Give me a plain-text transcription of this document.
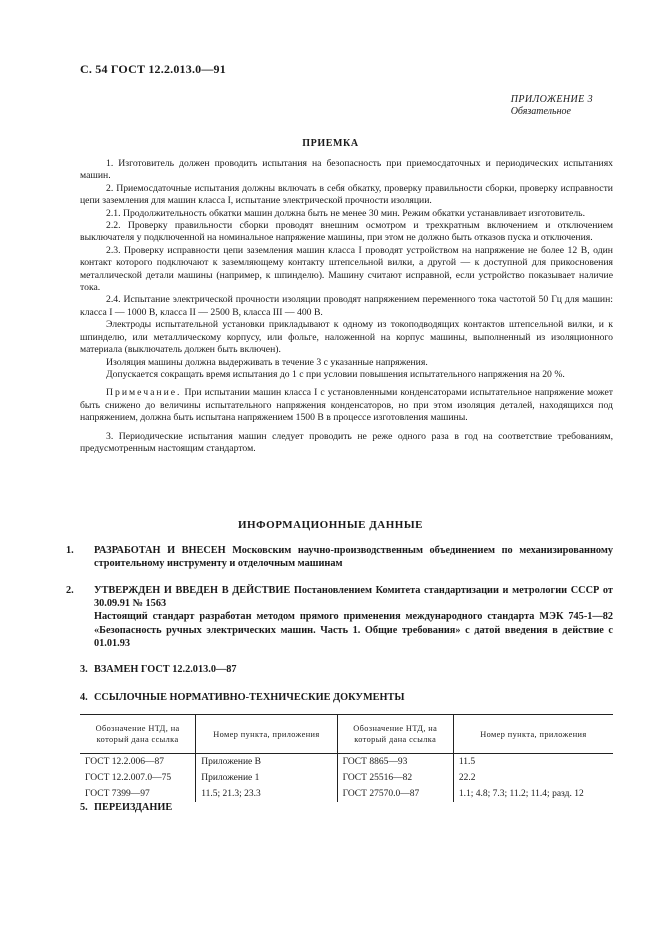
С. 54 ГОСТ 12.2.013.0—91
ПРИЛОЖЕНИЕ 3
Обязательное
ПРИЕМКА

1. Изготовитель должен проводить испытания на безопасность при приемосдаточных и периодических испытаниях машин.

2. Приемосдаточные испытания должны включать в себя обкатку, проверку правильности сборки, проверку исправности цепи заземления для машин класса I, испытание электрической прочности изоляции.

2.1. Продолжительность обкатки машин должна быть не менее 30 мин. Режим обкатки устанавливает изготовитель.

2.2. Проверку правильности сборки проводят внешним осмотром и трехкратным включением и отключением выключателя у подключенной на номинальное напряжение машины, при этом не должно быть отказов пуска и отключения.

2.3. Проверку исправности цепи заземления машин класса I проводят устройством на напряжение не более 12 В, один контакт которого подключают к заземляющему контакту штепсельной вилки, а другой — к доступной для прикосновения металлической детали машины (например, к шпинделю). Машину считают исправной, если устройство показывает наличие тока.

2.4. Испытание электрической прочности изоляции проводят напряжением переменного тока частотой 50 Гц для машин: класса I — 1000 В, класса II — 2500 В, класса III — 400 В.

Электроды испытательной установки прикладывают к одному из токоподводящих контактов штепсельной вилки, и к шпинделю, или металлическому корпусу, или фольге, наложенной на корпус машины, выполненный из изоляционного материала (выключатель должен быть включен).

Изоляция машины должна выдерживать в течение 3 с указанные напряжения.

Допускается сокращать время испытания до 1 с при условии повышения испытательного напряжения на 20 %.

Примечание. При испытании машин класса I с установленными конденсаторами испытательное напряжение может быть снижено до величины испытательного напряжения конденсаторов, но при этом изоляция деталей, находящихся под напряжением, должна быть испытана напряжением 1500 В в процессе изготовления машины.

3. Периодические испытания машин следует проводить не реже одного раза в год на соответствие требованиям, предусмотренным настоящим стандартом.

ИНФОРМАЦИОННЫЕ ДАННЫЕ
1. РАЗРАБОТАН И ВНЕСЕН Московским научно-производственным объединением по механизированному строительному инструменту и отделочным машинам
2. УТВЕРЖДЕН И ВВЕДЕН В ДЕЙСТВИЕ Постановлением Комитета стандартизации и метрологии СССР от 30.09.91 № 1563
Настоящий стандарт разработан методом прямого применения международного стандарта МЭК 745-1—82 «Безопасность ручных электрических машин. Часть 1. Общие требования» с датой введения в действие с 01.01.93
3. ВЗАМЕН ГОСТ 12.2.013.0—87
4. ССЫЛОЧНЫЕ НОРМАТИВНО-ТЕХНИЧЕСКИЕ ДОКУМЕНТЫ
Обозначение НТД, на который дана ссылка	Номер пункта, приложения	Обозначение НТД, на который дана ссылка	Номер пункта, приложения
ГОСТ 12.2.006—87	Приложение В	ГОСТ 8865—93	11.5
ГОСТ 12.2.007.0—75	Приложение 1	ГОСТ 25516—82	22.2
ГОСТ 7399—97	11.5; 21.3; 23.3	ГОСТ 27570.0—87	1.1; 4.8; 7.3; 11.2; 11.4; разд. 12
5. ПЕРЕИЗДАНИЕ
